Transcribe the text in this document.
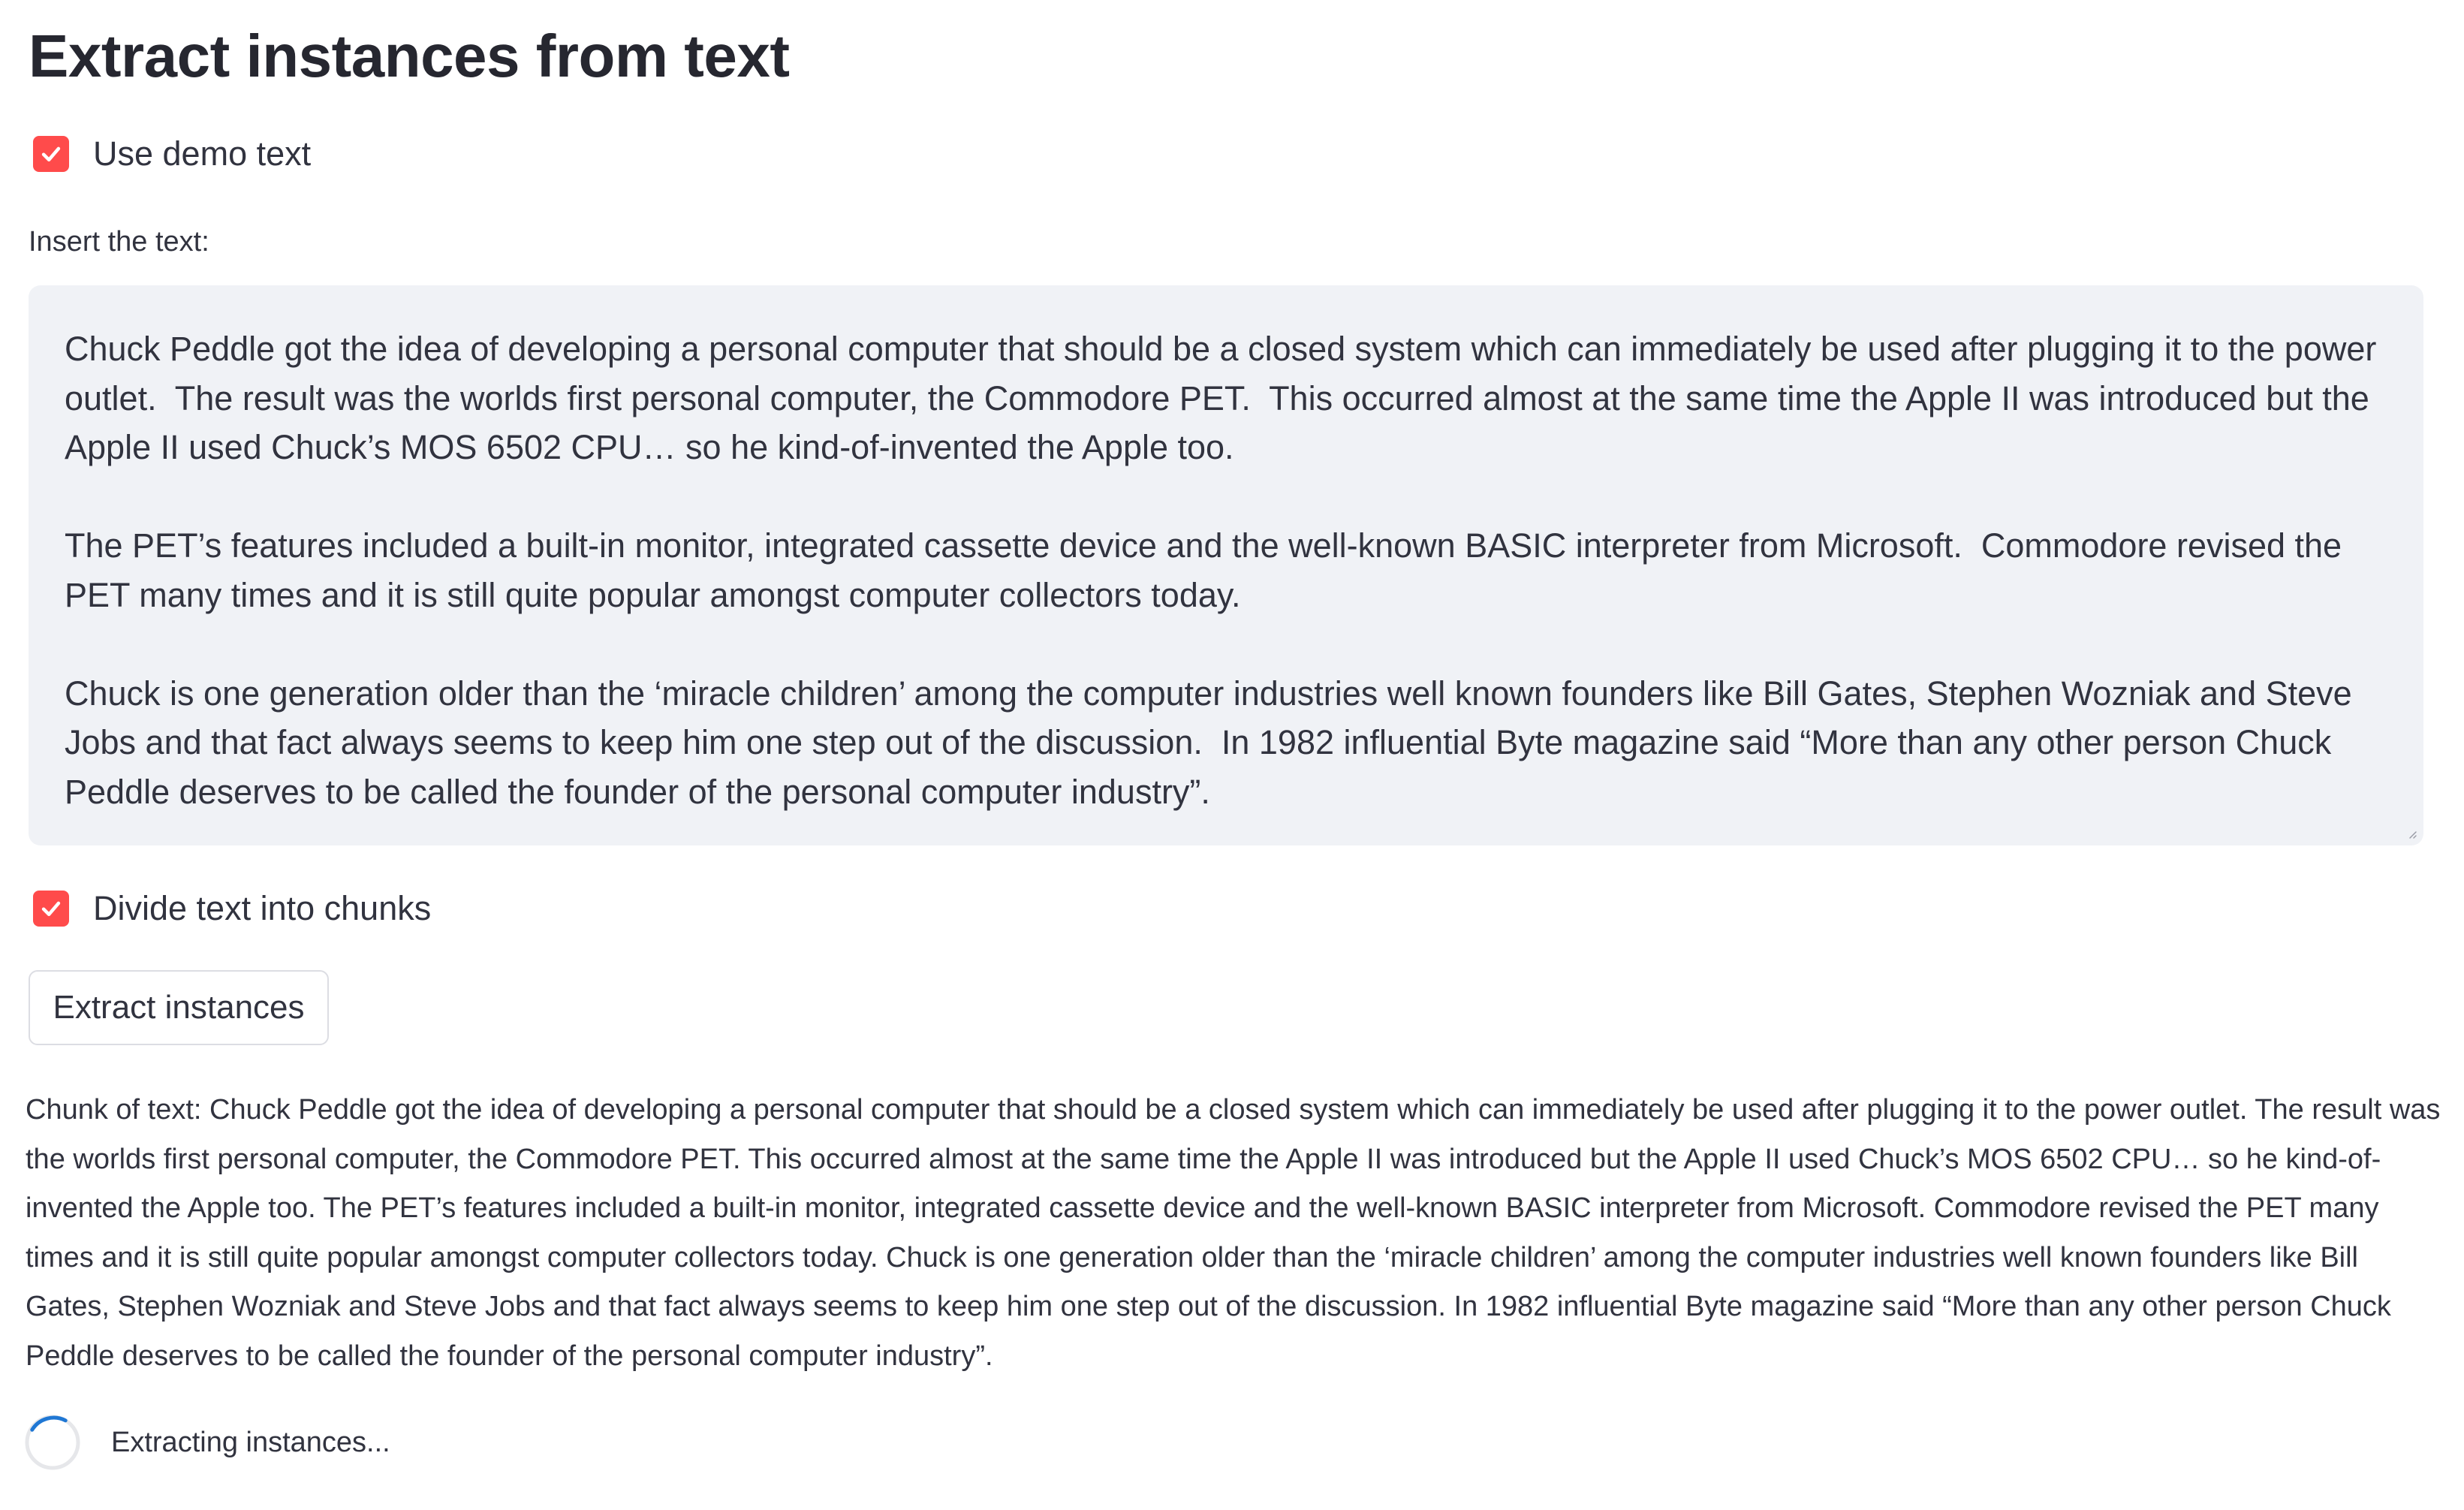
Extract instances from text
Use demo text
Insert the text:

Chuck Peddle got the idea of developing a personal computer that should be a closed system which can immediately be used after plugging it to the power outlet.  The result was the worlds first personal computer, the Commodore PET.  This occurred almost at the same time the Apple II was introduced but the Apple II used Chuck’s MOS 6502 CPU… so he kind-of-invented the Apple too.

The PET’s features included a built-in monitor, integrated cassette device and the well-known BASIC interpreter from Microsoft.  Commodore revised the PET many times and it is still quite popular amongst computer collectors today.

Chuck is one generation older than the ‘miracle children’ among the computer industries well known founders like Bill Gates, Stephen Wozniak and Steve Jobs and that fact always seems to keep him one step out of the discussion.  In 1982 influential Byte magazine said “More than any other person Chuck Peddle deserves to be called the founder of the personal computer industry”.

Divide text into chunks
Extract instances

Chunk of text: Chuck Peddle got the idea of developing a personal computer that should be a closed system which can immediately be used after plugging it to the power outlet. The result was the worlds first personal computer, the Commodore PET. This occurred almost at the same time the Apple II was introduced but the Apple II used Chuck’s MOS 6502 CPU… so he kind-of-invented the Apple too. The PET’s features included a built-in monitor, integrated cassette device and the well-known BASIC interpreter from Microsoft. Commodore revised the PET many times and it is still quite popular amongst computer collectors today. Chuck is one generation older than the ‘miracle children’ among the computer industries well known founders like Bill Gates, Stephen Wozniak and Steve Jobs and that fact always seems to keep him one step out of the discussion. In 1982 influential Byte magazine said “More than any other person Chuck Peddle deserves to be called the founder of the personal computer industry”.

Extracting instances...
